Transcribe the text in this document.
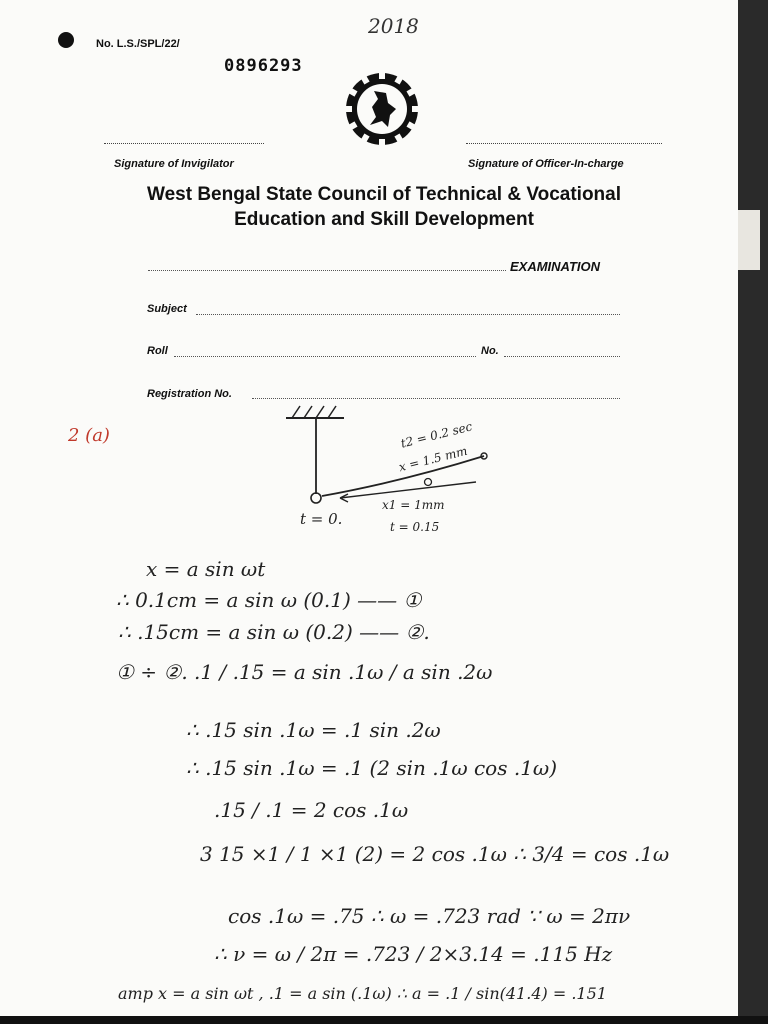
No. L.S./SPL/22/
0896293
2018
Signature of Invigilator	Signature of Officer-In-charge
West Bengal State Council of Technical & Vocational
Education and Skill Development
EXAMINATION
Subject
Roll	No.
Registration No.
2 (a)	t2 = 0.2 sec
x = 1.5 mm
x1 = 1mm
t = 0.15
t = 0.
x = a sin ωt
∴ 0.1cm = a sin ω (0.1) —— ①
∴ .15cm = a sin ω (0.2) —— ②.
① ÷ ②. .1 / .15 = a sin .1ω / a sin .2ω
∴ .15 sin .1ω = .1 sin .2ω
∴ .15 sin .1ω = .1 (2 sin .1ω cos .1ω)
.15 / .1 = 2 cos .1ω
3 15 ×1 / 1 ×1 (2) = 2 cos .1ω ∴ 3/4 = cos .1ω
cos .1ω = .75 ∴ ω = .723 rad ∵ ω = 2πν
∴ ν = ω / 2π = .723 / 2×3.14 = .115 Hz
amp x = a sin ωt , .1 = a sin (.1ω) ∴ a = .1 / sin(41.4) = .151
